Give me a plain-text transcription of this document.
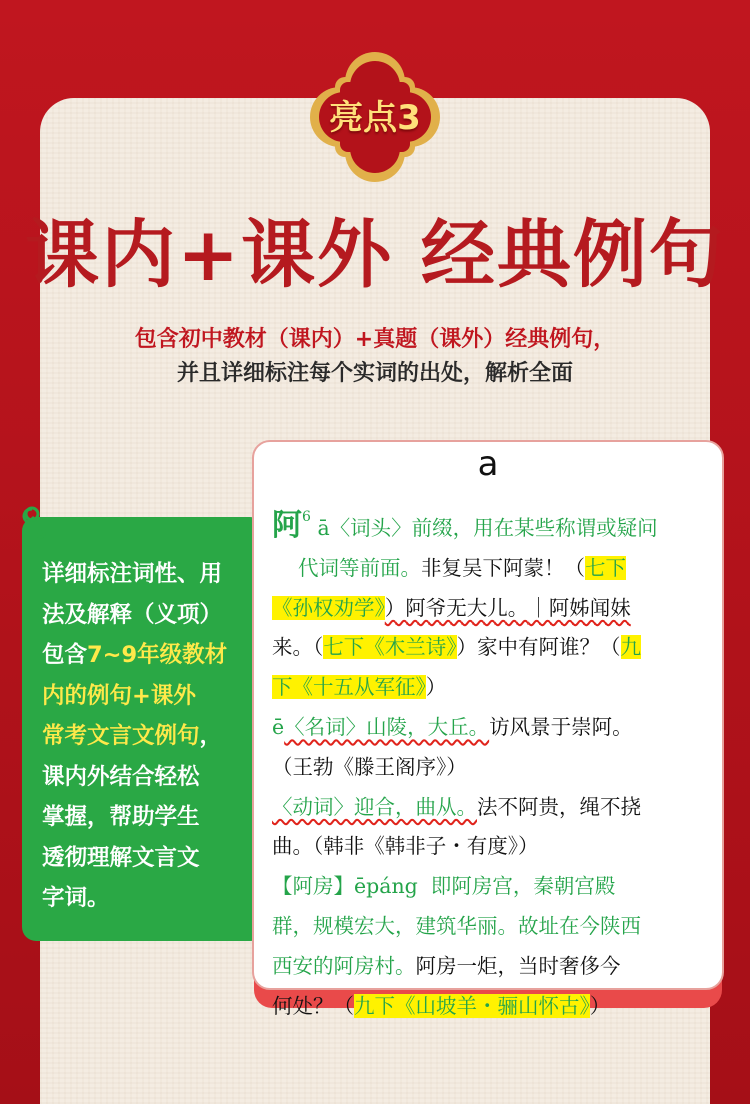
亮点3
课内+课外 经典例句
包含初中教材（课内）+真题（课外）经典例句，
并且详细标注每个实词的出处，解析全面
详细标注词性、用
法及解释（义项）
包含7~9年级教材
内的例句+课外
常考文言文例句，
课内外结合轻松
掌握，帮助学生
透彻理解文言文
字词。
a

阿$^6$ ā〈词头〉前缀，用在某些称谓或疑问

代词等前面。非复吴下阿蒙！（七下

《孙权劝学》）阿爷无大儿。｜阿姊闻妹

来。（七下《木兰诗》）家中有阿谁？（九

下《十五从军征》）

ē〈名词〉山陵，大丘。访风景于崇阿。

（王勃《滕王阁序》）

〈动词〉迎合，曲从。法不阿贵，绳不挠

曲。（韩非《韩非子・有度》）

【阿房】ēpáng 即阿房宫，秦朝宫殿

群，规模宏大，建筑华丽。故址在今陕西

西安的阿房村。阿房一炬，当时奢侈今

何处？（九下《山坡羊・骊山怀古》）
